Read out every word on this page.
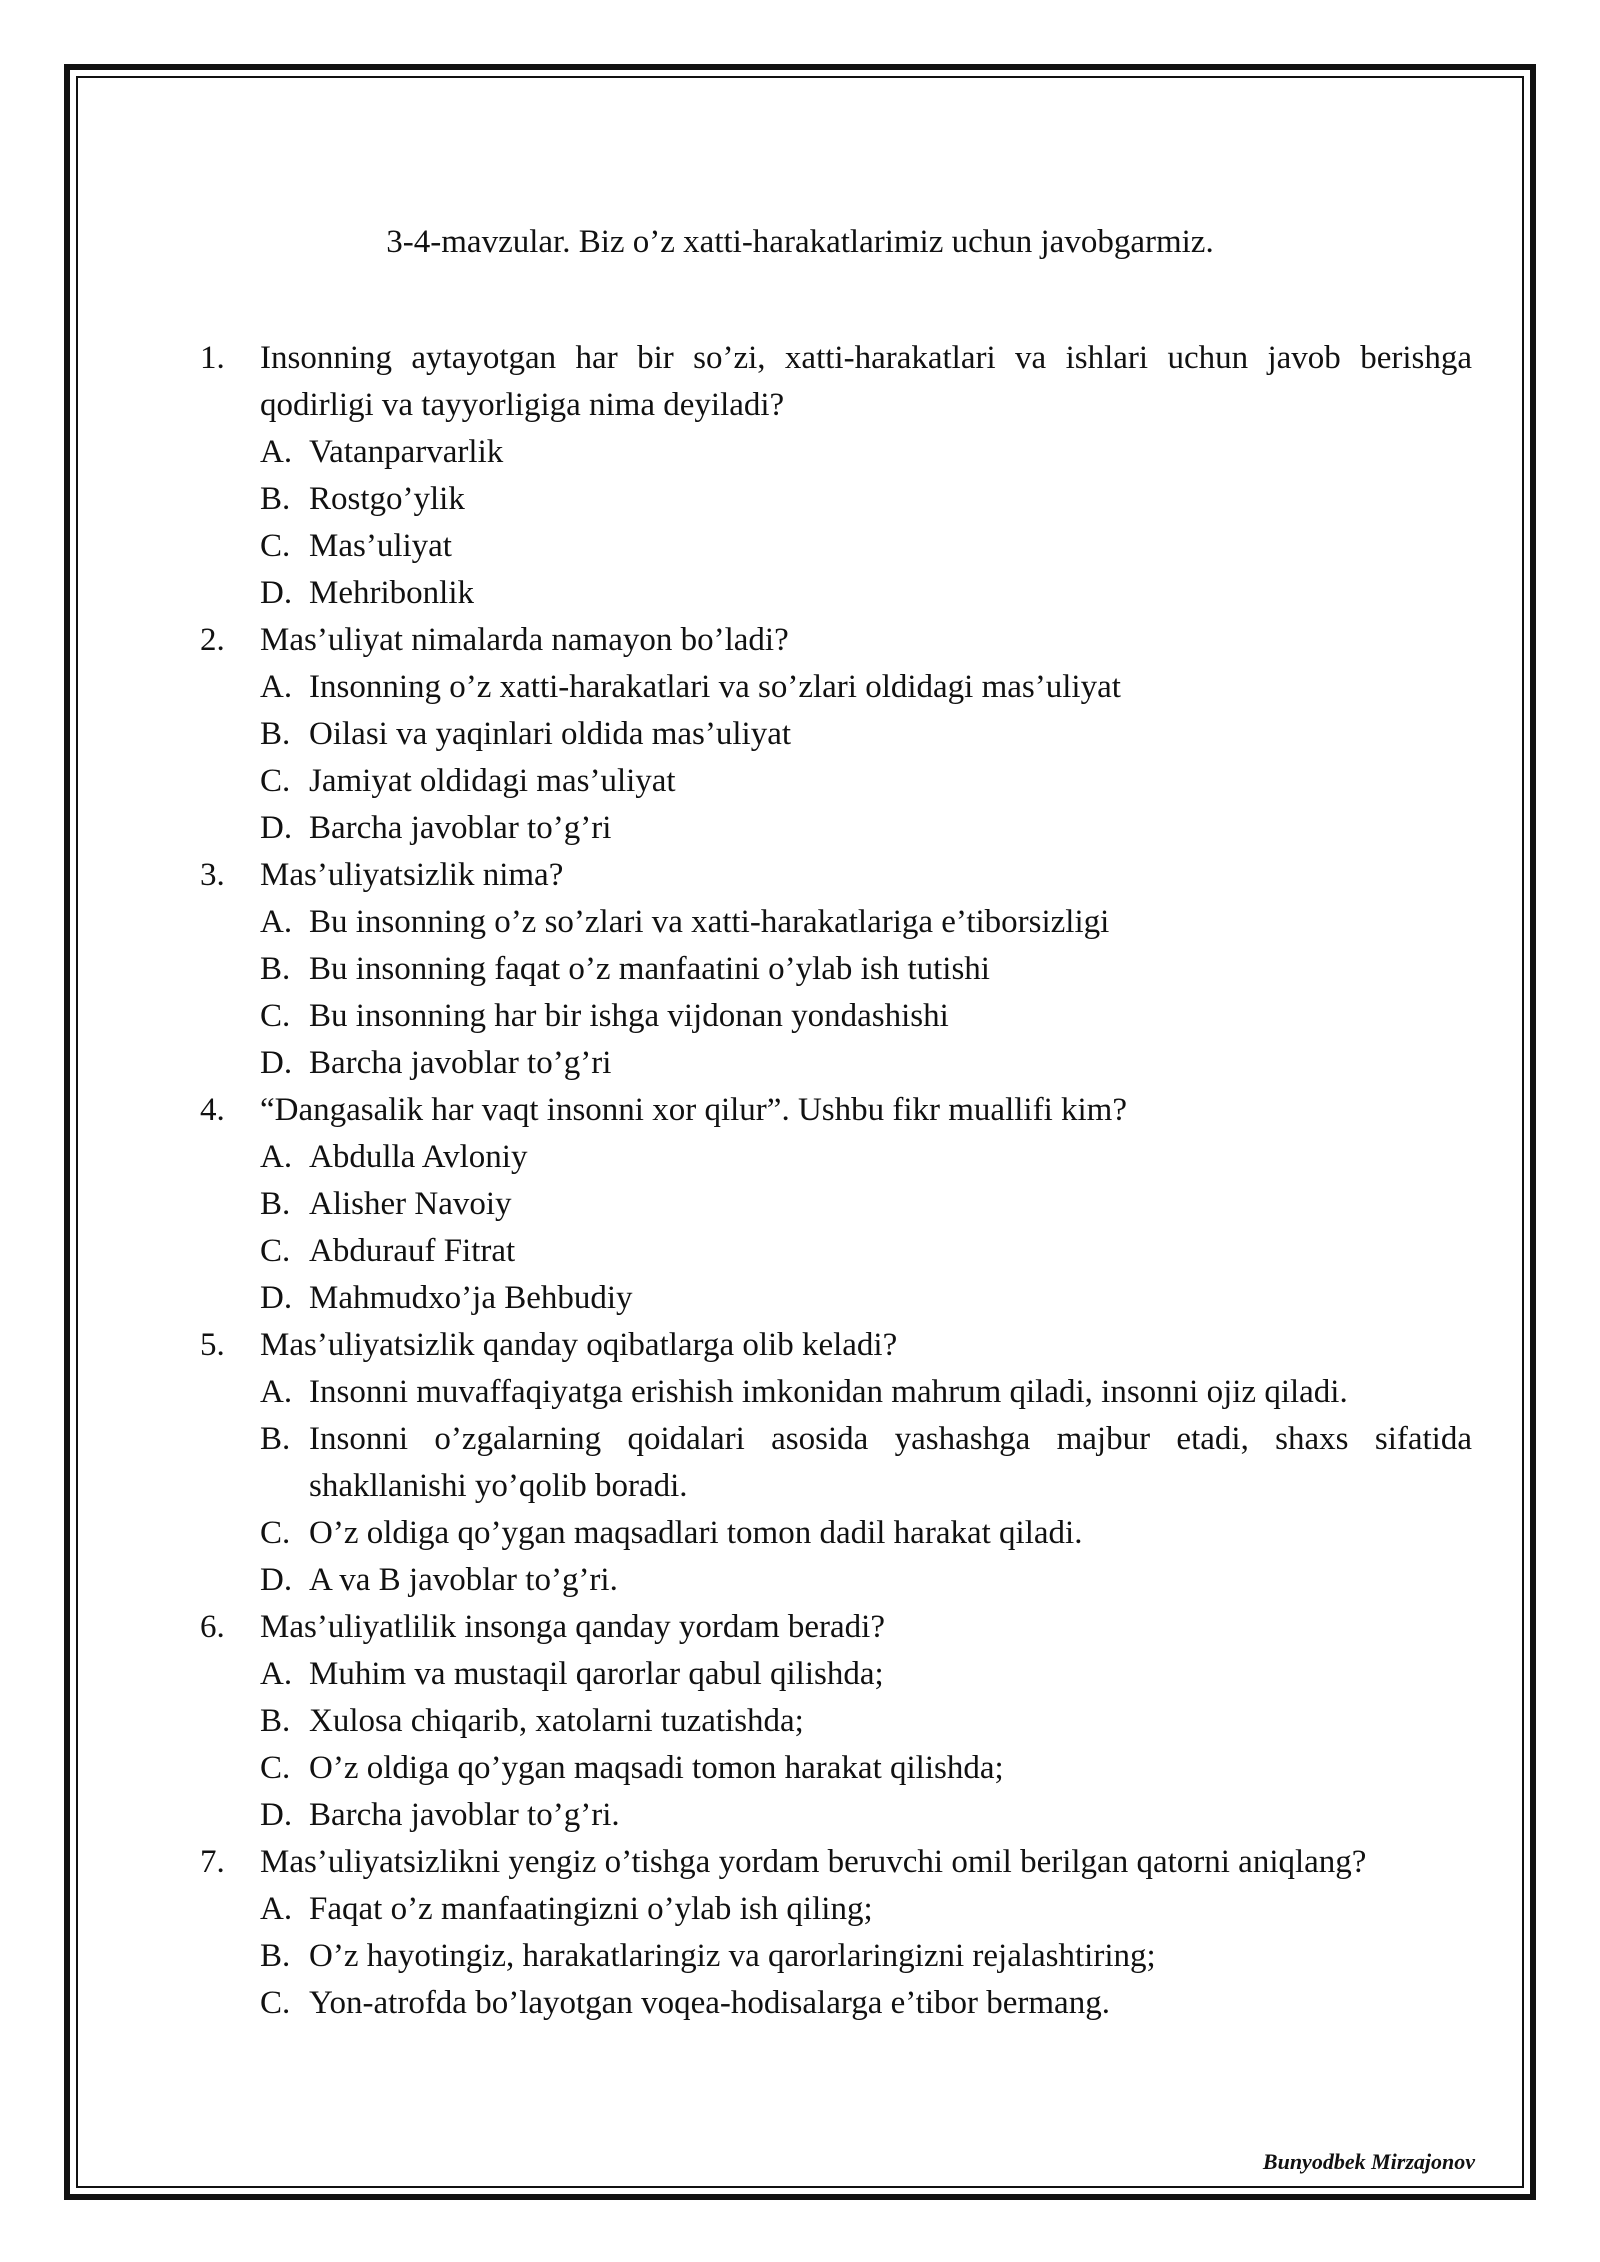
3-4-mavzular. Biz o’z xatti-harakatlarimiz uchun javobgarmiz.
1.	Insonning aytayotgan har bir so’zi, xatti-harakatlari va ishlari uchun javob berishga qodirligi va tayyorligiga nima deyiladi?
A. Vatanparvarlik
B. Rostgo’ylik
C. Mas’uliyat
D. Mehribonlik
2.	Mas’uliyat nimalarda namayon bo’ladi?
A. Insonning o’z xatti-harakatlari va so’zlari oldidagi mas’uliyat
B. Oilasi va yaqinlari oldida mas’uliyat
C. Jamiyat oldidagi mas’uliyat
D. Barcha javoblar to’g’ri
3.	Mas’uliyatsizlik nima?
A. Bu insonning o’z so’zlari va xatti-harakatlariga e’tiborsizligi
B. Bu insonning faqat o’z manfaatini o’ylab ish tutishi
C. Bu insonning har bir ishga vijdonan yondashishi
D. Barcha javoblar to’g’ri
4.	“Dangasalik har vaqt insonni xor qilur”. Ushbu fikr muallifi kim?
A. Abdulla Avloniy
B. Alisher Navoiy
C. Abdurauf Fitrat
D. Mahmudxo’ja Behbudiy
5.	Mas’uliyatsizlik qanday oqibatlarga olib keladi?
A. Insonni muvaffaqiyatga erishish imkonidan mahrum qiladi, insonni ojiz qiladi.
B. Insonni o’zgalarning qoidalari asosida yashashga majbur etadi, shaxs sifatida shakllanishi yo’qolib boradi.
C. O’z oldiga qo’ygan maqsadlari tomon dadil harakat qiladi.
D. A va B javoblar to’g’ri.
6.	Mas’uliyatlilik insonga qanday yordam beradi?
A. Muhim va mustaqil qarorlar qabul qilishda;
B. Xulosa chiqarib, xatolarni tuzatishda;
C. O’z oldiga qo’ygan maqsadi tomon harakat qilishda;
D. Barcha javoblar to’g’ri.
7.	Mas’uliyatsizlikni yengiz o’tishga yordam beruvchi omil berilgan qatorni aniqlang?
A. Faqat o’z manfaatingizni o’ylab ish qiling;
B. O’z hayotingiz, harakatlaringiz va qarorlaringizni rejalashtiring;
C. Yon-atrofda bo’layotgan voqea-hodisalarga e’tibor bermang.
Bunyodbek Mirzajonov
